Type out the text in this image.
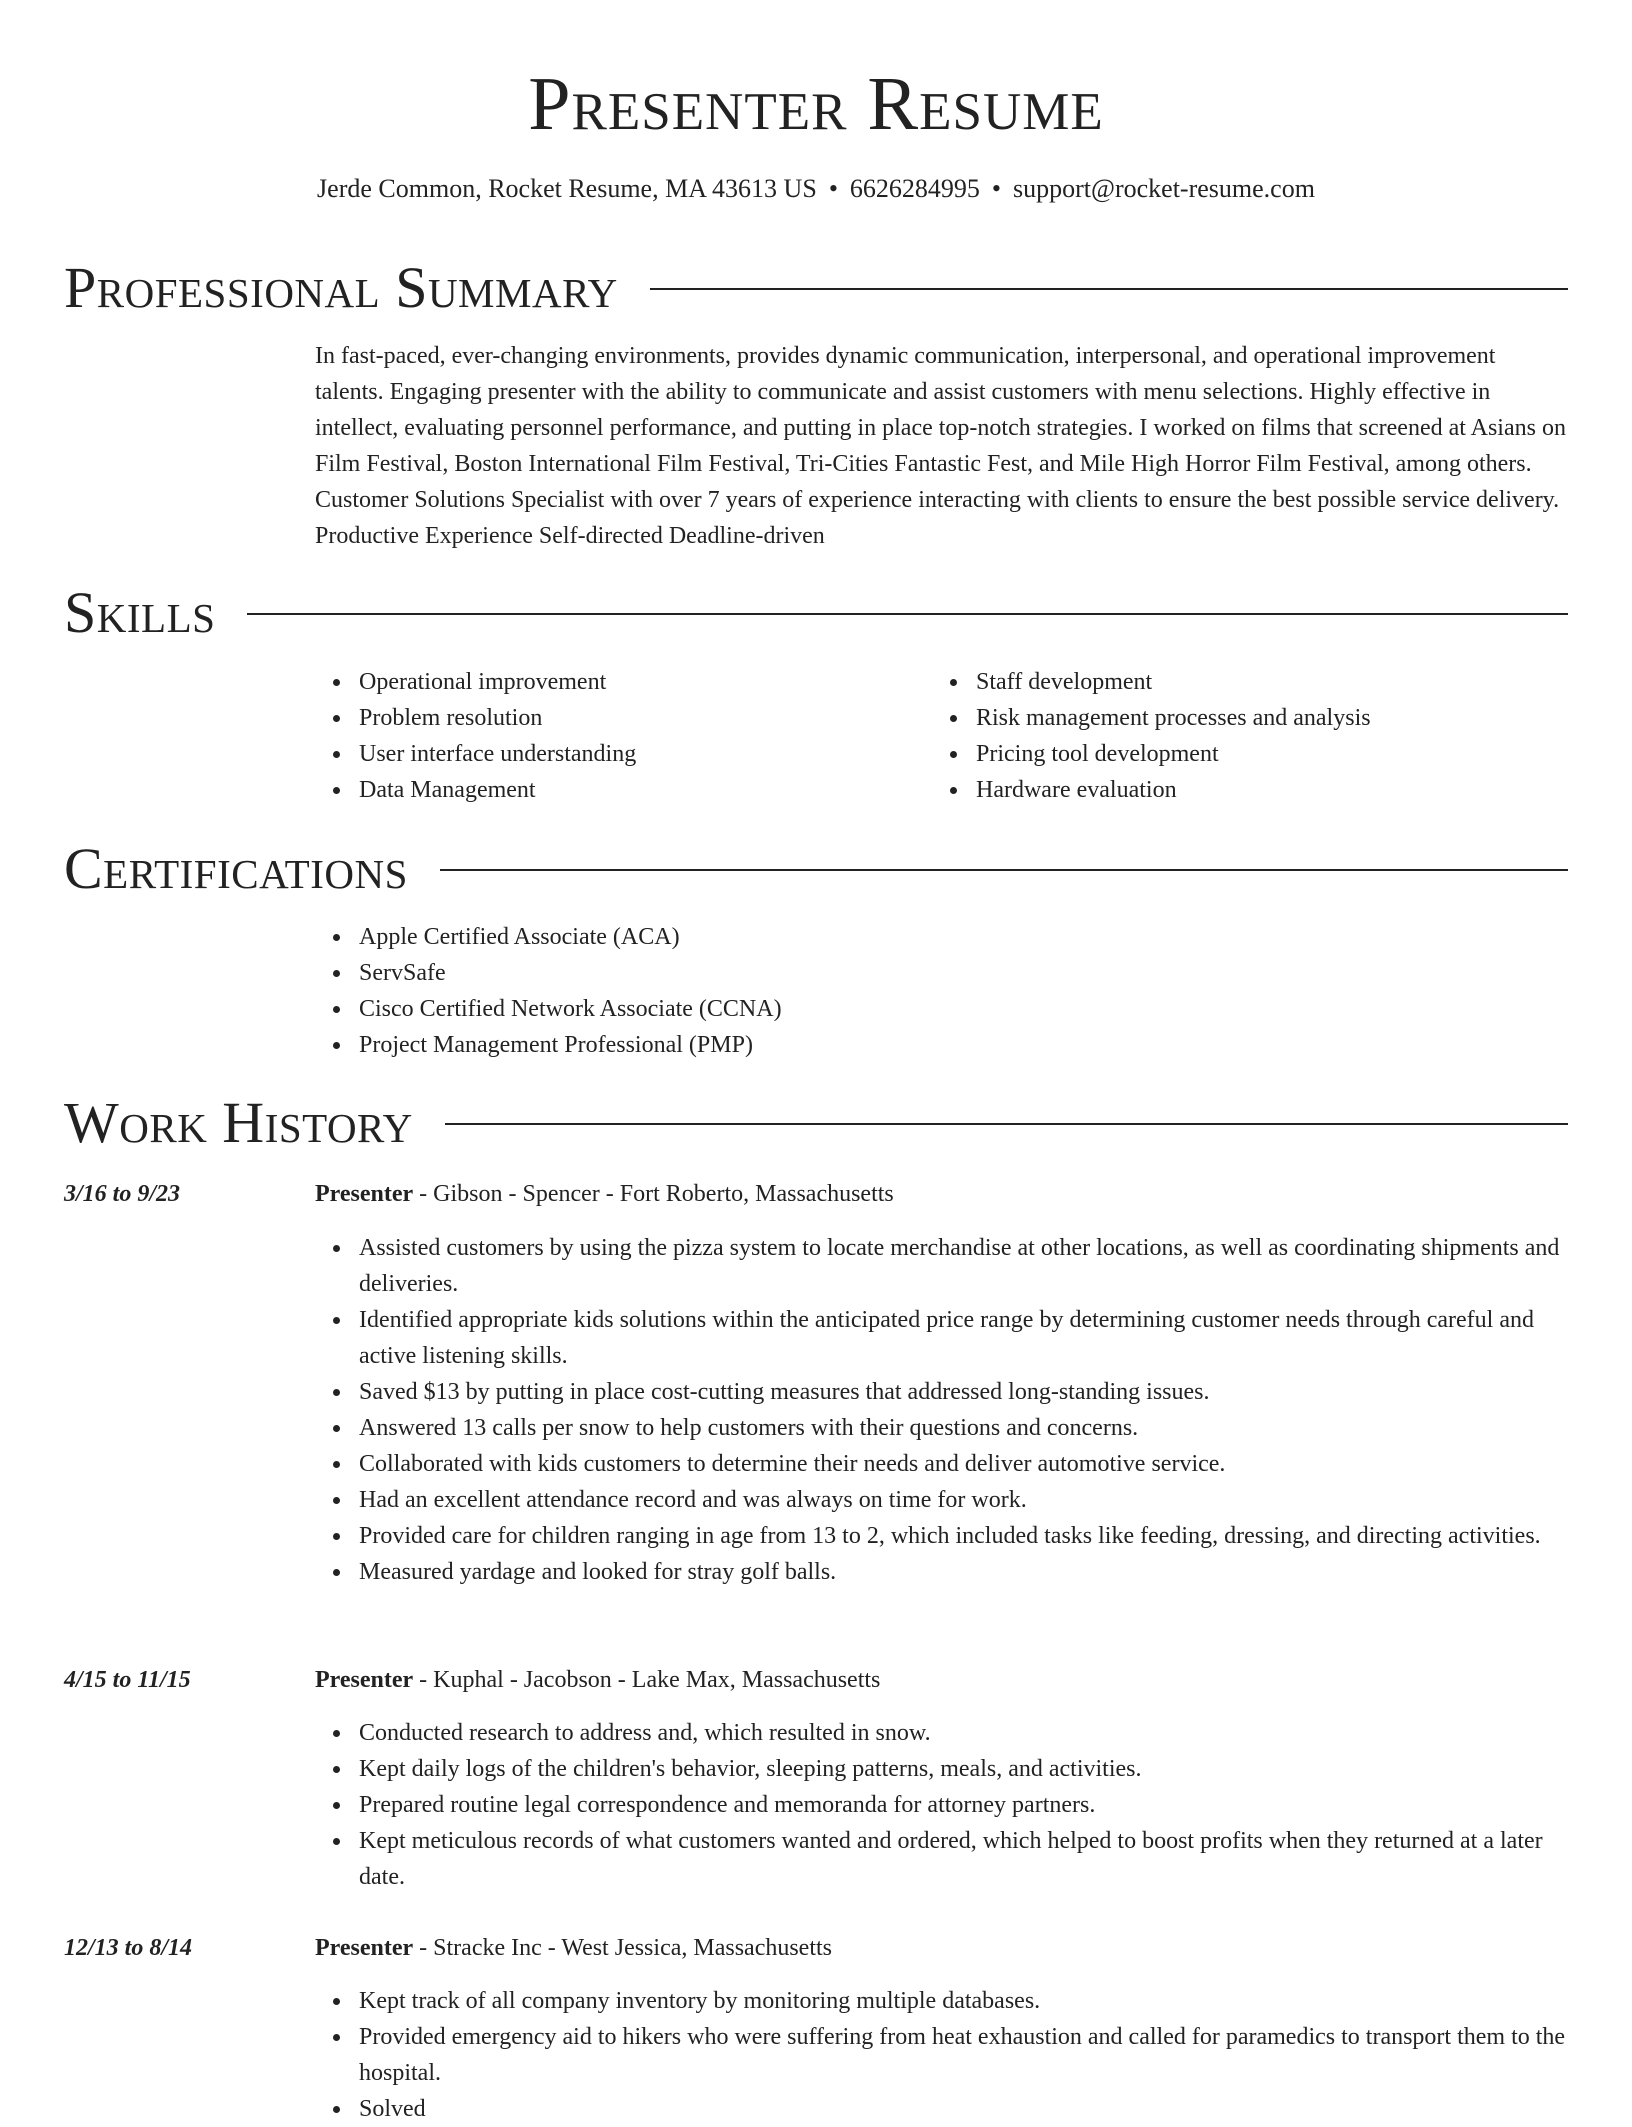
Presenter Resume
Jerde Common, Rocket Resume, MA 43613 US • 6626284995 • support@rocket-resume.com
Professional Summary

In fast-paced, ever-changing environments, provides dynamic communication, interpersonal, and operational improvement talents. Engaging presenter with the ability to communicate and assist customers with menu selections. Highly effective in intellect, evaluating personnel performance, and putting in place top-notch strategies. I worked on films that screened at Asians on Film Festival, Boston International Film Festival, Tri-Cities Fantastic Fest, and Mile High Horror Film Festival, among others. Customer Solutions Specialist with over 7 years of experience interacting with clients to ensure the best possible service delivery. Productive Experience Self-directed Deadline-driven

Skills
Operational improvement
Problem resolution
User interface understanding
Data Management
Staff development
Risk management processes and analysis
Pricing tool development
Hardware evaluation
Certifications
Apple Certified Associate (ACA)
ServSafe
Cisco Certified Network Associate (CCNA)
Project Management Professional (PMP)
Work History
3/16 to 9/23	Presenter - Gibson - Spencer - Fort Roberto, Massachusetts
Assisted customers by using the pizza system to locate merchandise at other locations, as well as coordinating shipments and deliveries.
Identified appropriate kids solutions within the anticipated price range by determining customer needs through careful and active listening skills.
Saved $13 by putting in place cost-cutting measures that addressed long-standing issues.
Answered 13 calls per snow to help customers with their questions and concerns.
Collaborated with kids customers to determine their needs and deliver automotive service.
Had an excellent attendance record and was always on time for work.
Provided care for children ranging in age from 13 to 2, which included tasks like feeding, dressing, and directing activities.
Measured yardage and looked for stray golf balls.
4/15 to 11/15	Presenter - Kuphal - Jacobson - Lake Max, Massachusetts
Conducted research to address and, which resulted in snow.
Kept daily logs of the children's behavior, sleeping patterns, meals, and activities.
Prepared routine legal correspondence and memoranda for attorney partners.
Kept meticulous records of what customers wanted and ordered, which helped to boost profits when they returned at a later date.
12/13 to 8/14	Presenter - Stracke Inc - West Jessica, Massachusetts
Kept track of all company inventory by monitoring multiple databases.
Provided emergency aid to hikers who were suffering from heat exhaustion and called for paramedics to transport them to the hospital.
Solved
